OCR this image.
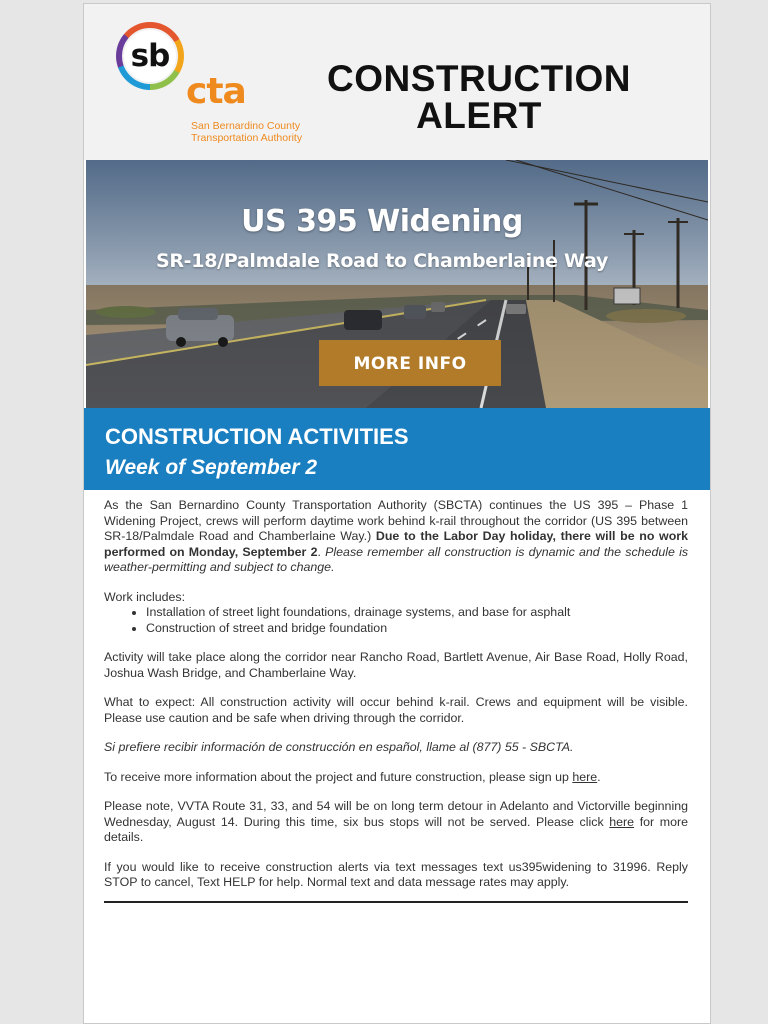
sb
cta
San Bernardino County
Transportation Authority
CONSTRUCTION
ALERT
US 395 Widening
SR-18/Palmdale Road to Chamberlaine Way
MORE INFO
CONSTRUCTION ACTIVITIES
Week of September 2

As the San Bernardino County Transportation Authority (SBCTA) continues the US 395 – Phase 1 Widening Project, crews will perform daytime work behind k-rail throughout the corridor (US 395 between SR-18/Palmdale Road and Chamberlaine Way.) Due to the Labor Day holiday, there will be no work performed on Monday, September 2. Please remember all construction is dynamic and the schedule is weather-permitting and subject to change.

Work includes:
• Installation of street light foundations, drainage systems, and base for asphalt
• Construction of street and bridge foundation

Activity will take place along the corridor near Rancho Road, Bartlett Avenue, Air Base Road, Holly Road, Joshua Wash Bridge, and Chamberlaine Way.

What to expect: All construction activity will occur behind k-rail. Crews and equipment will be visible. Please use caution and be safe when driving through the corridor.

Si prefiere recibir información de construcción en español, llame al (877) 55 - SBCTA.

To receive more information about the project and future construction, please sign up here.

Please note, VVTA Route 31, 33, and 54 will be on long term detour in Adelanto and Victorville beginning Wednesday, August 14. During this time, six bus stops will not be served. Please click here for more details.

If you would like to receive construction alerts via text messages text us395widening to 31996. Reply STOP to cancel, Text HELP for help. Normal text and data message rates may apply.
